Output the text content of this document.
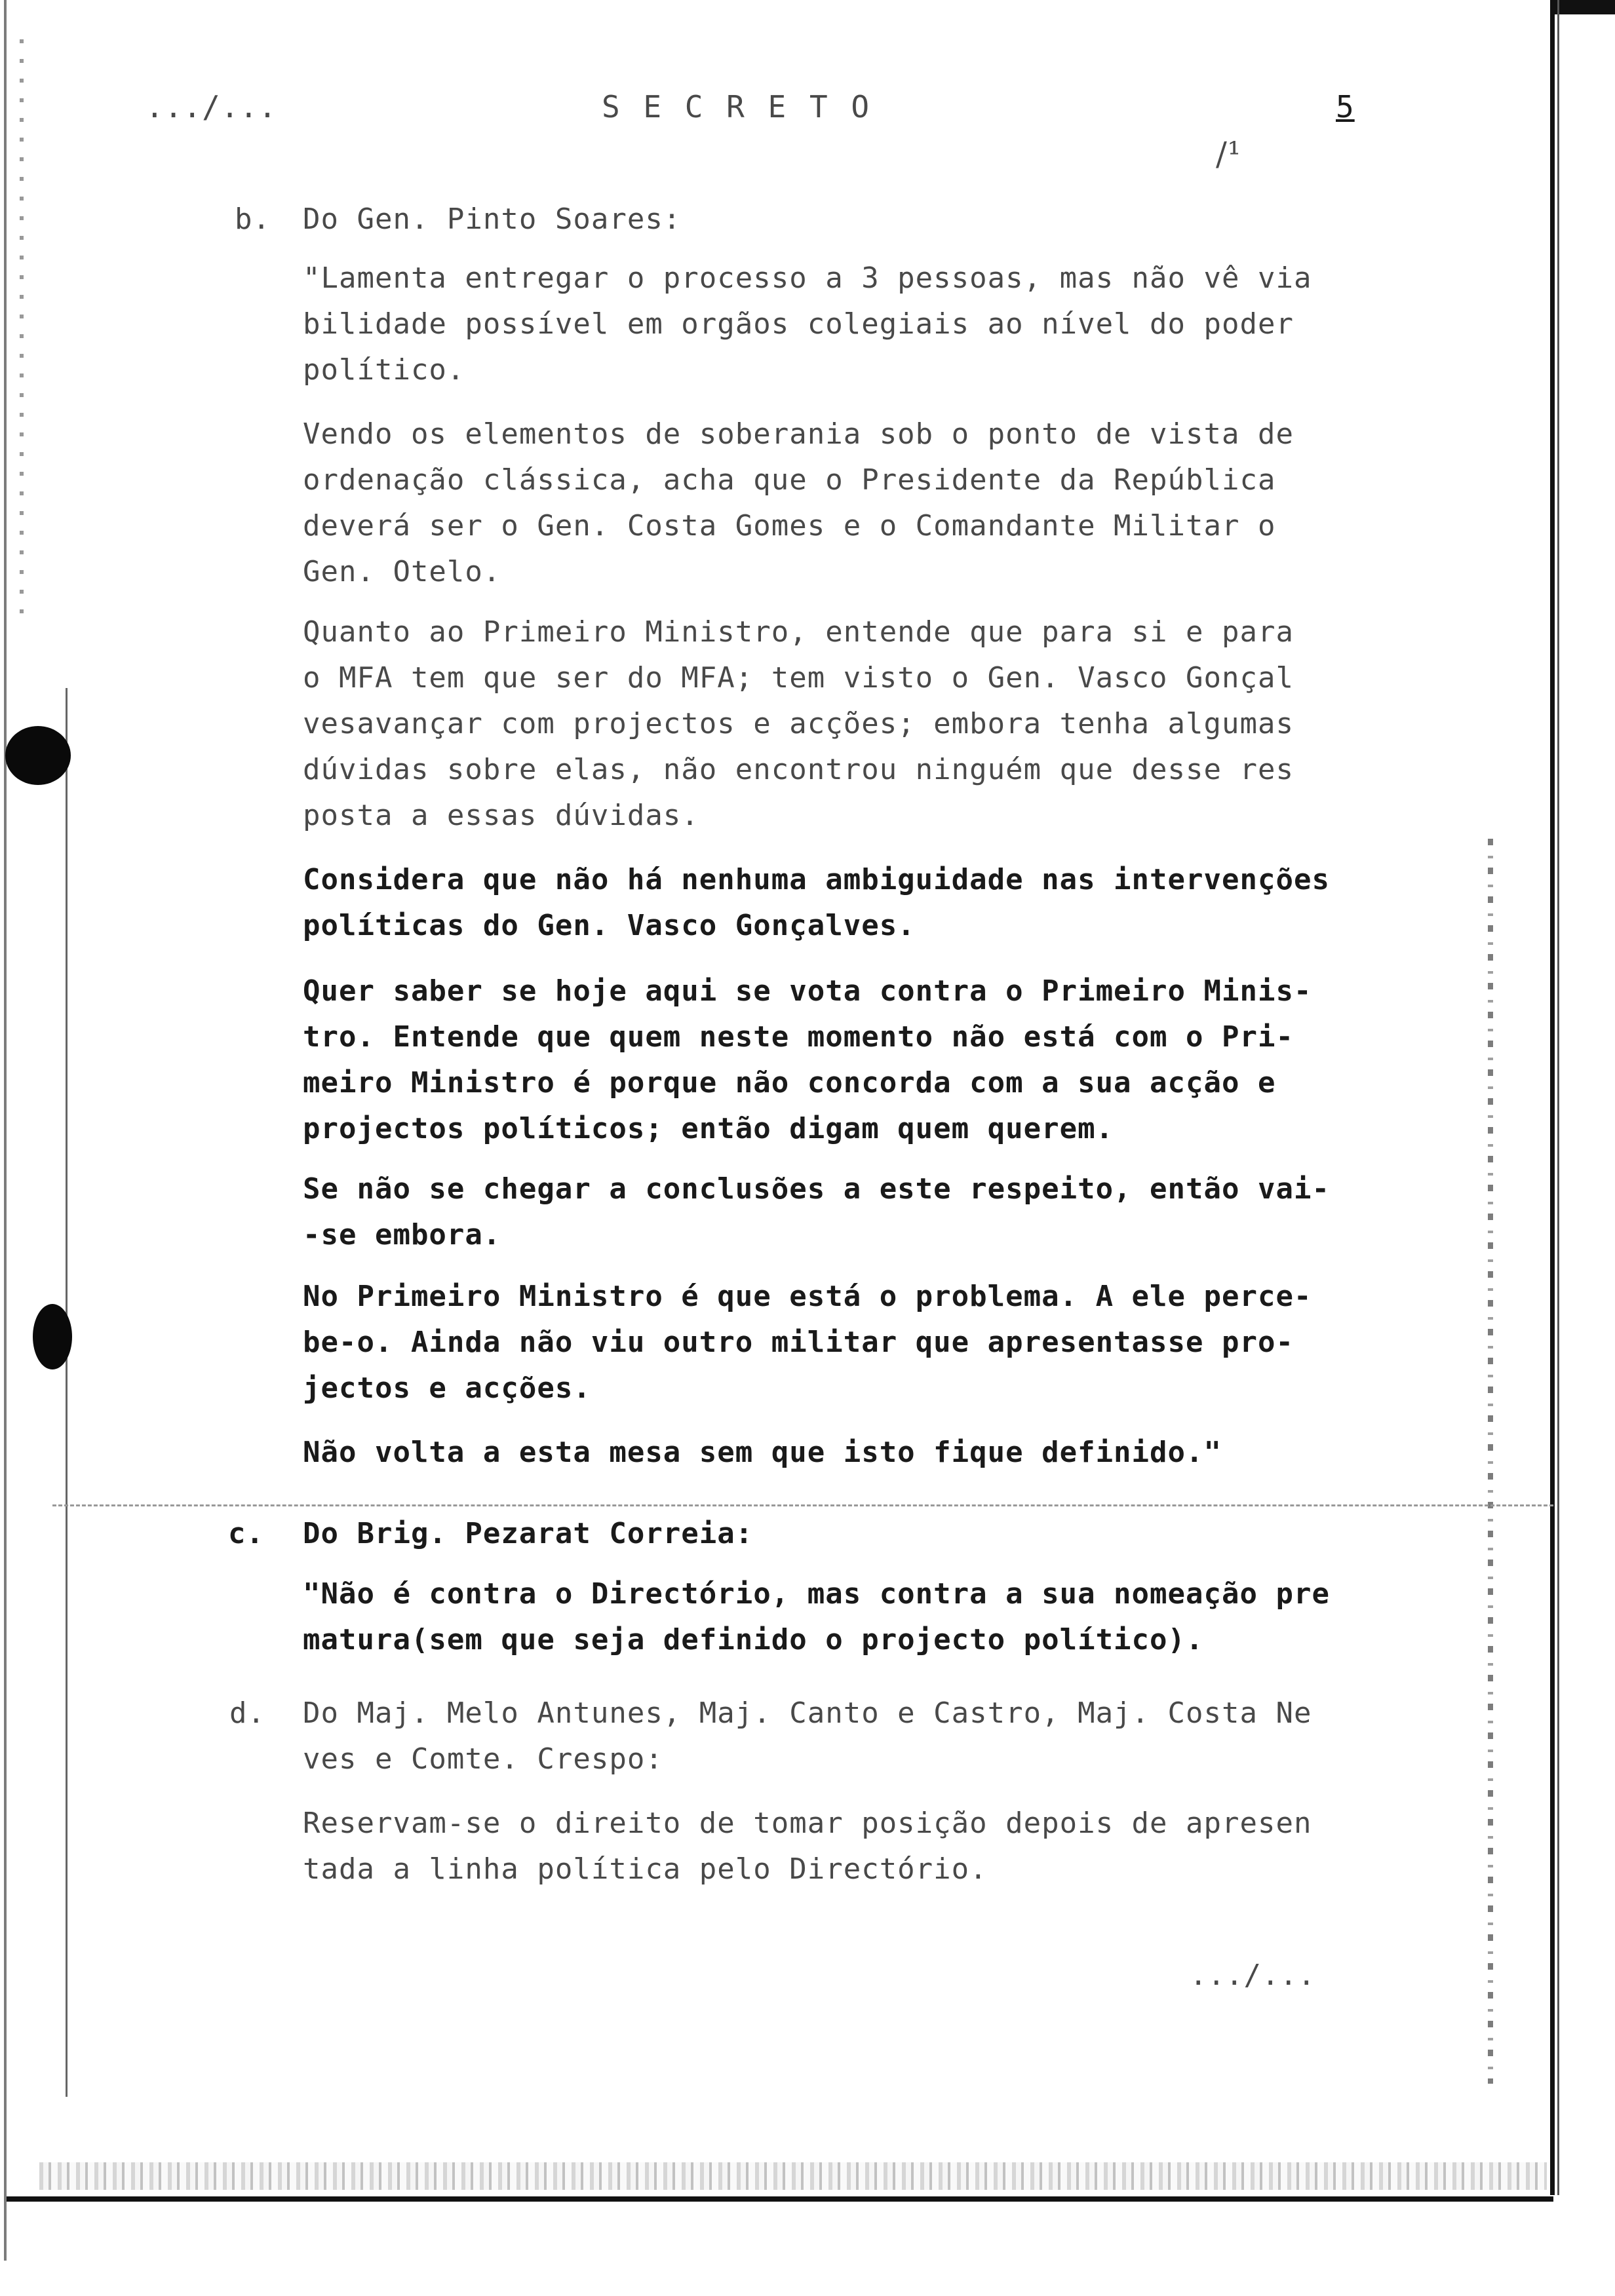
.../...	S E C R E T O	5
/¹
b. Do Gen. Pinto Soares:
"Lamenta entregar o processo a 3 pessoas, mas não vê via
bilidade possível em orgãos colegiais ao nível do poder
político.
Vendo os elementos de soberania sob o ponto de vista de
ordenação clássica, acha que o Presidente da República
deverá ser o Gen. Costa Gomes e o Comandante Militar o
Gen. Otelo.
Quanto ao Primeiro Ministro, entende que para si e para
o MFA tem que ser do MFA; tem visto o Gen. Vasco Gonçal
vesavançar com projectos e acções; embora tenha algumas
dúvidas sobre elas, não encontrou ninguém que desse res
posta a essas dúvidas.
Considera que não há nenhuma ambiguidade nas intervenções
políticas do Gen. Vasco Gonçalves.
Quer saber se hoje aqui se vota contra o Primeiro Minis-
tro. Entende que quem neste momento não está com o Pri-
meiro Ministro é porque não concorda com a sua acção e
projectos políticos; então digam quem querem.
Se não se chegar a conclusões a este respeito, então vai-
-se embora.
No Primeiro Ministro é que está o problema. A ele perce-
be-o. Ainda não viu outro militar que apresentasse pro-
jectos e acções.
Não volta a esta mesa sem que isto fique definido."
c. Do Brig. Pezarat Correia:
"Não é contra o Directório, mas contra a sua nomeação pre
matura(sem que seja definido o projecto político).
d. Do Maj. Melo Antunes, Maj. Canto e Castro, Maj. Costa Ne
ves e Comte. Crespo:
Reservam-se o direito de tomar posição depois de apresen
tada a linha política pelo Directório.
.../...
